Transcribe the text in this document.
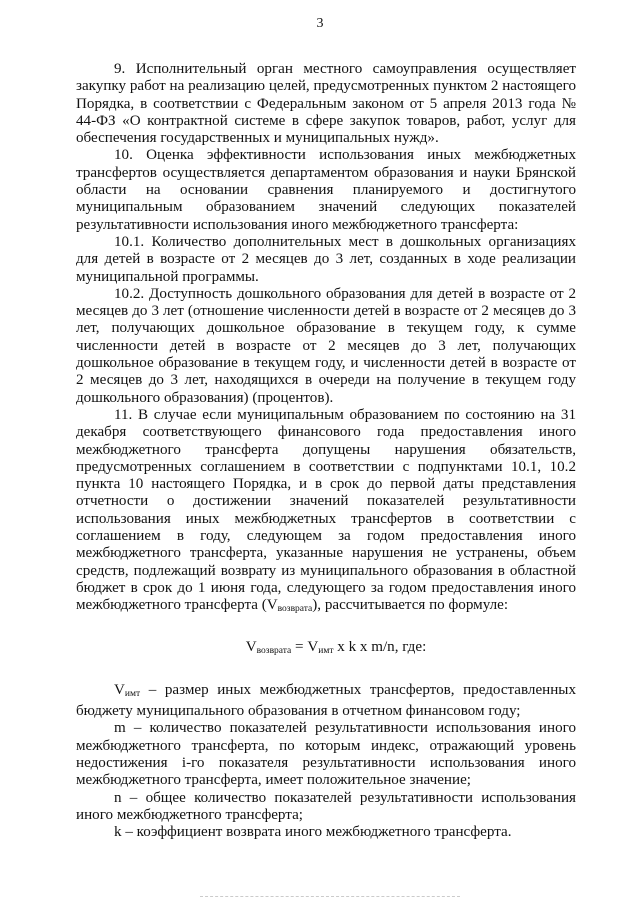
3

9. Исполнительный орган местного самоуправления осуществляет закупку работ на реализацию целей, предусмотренных пунктом 2 настоящего Порядка, в соответствии с Федеральным законом от 5 апреля 2013 года № 44-ФЗ «О контрактной системе в сфере закупок товаров, работ, услуг для обеспечения государственных и муниципальных нужд».

10. Оценка эффективности использования иных межбюджетных трансфертов осуществляется департаментом образования и науки Брянской области на основании сравнения планируемого и достигнутого муниципальным образованием значений следующих показателей результативности использования иного межбюджетного трансферта:

10.1. Количество дополнительных мест в дошкольных организациях для детей в возрасте от 2 месяцев до 3 лет, созданных в ходе реализации муниципальной программы.

10.2. Доступность дошкольного образования для детей в возрасте от 2 месяцев до 3 лет (отношение численности детей в возрасте от 2 месяцев до 3 лет, получающих дошкольное образование в текущем году, к сумме численности детей в возрасте от 2 месяцев до 3 лет, получающих дошкольное образование в текущем году, и численности детей в возрасте от 2 месяцев до 3 лет, находящихся в очереди на получение в текущем году дошкольного образования) (процентов).

11. В случае если муниципальным образованием по состоянию на 31 декабря соответствующего финансового года предоставления иного межбюджетного трансферта допущены нарушения обязательств, предусмотренных соглашением в соответствии с подпунктами 10.1, 10.2 пункта 10 настоящего Порядка, и в срок до первой даты представления отчетности о достижении значений показателей результативности использования иных межбюджетных трансфертов в соответствии с соглашением в году, следующем за годом предоставления иного межбюджетного трансферта, указанные нарушения не устранены, объем средств, подлежащий возврату из муниципального образования в областной бюджет в срок до 1 июня года, следующего за годом предоставления иного межбюджетного трансферта $(V_{возврата})$, рассчитывается по формуле:

$V_{возврата} = V_{имт}$ x k x m/n, где:

$V_{имт}$ – размер иных межбюджетных трансфертов, предоставленных бюджету муниципального образования в отчетном финансовом году;

m – количество показателей результативности использования иного межбюджетного трансферта, по которым индекс, отражающий уровень недостижения i-го показателя результативности использования иного межбюджетного трансферта, имеет положительное значение;

n – общее количество показателей результативности использования иного межбюджетного трансферта;

k – коэффициент возврата иного межбюджетного трансферта.
